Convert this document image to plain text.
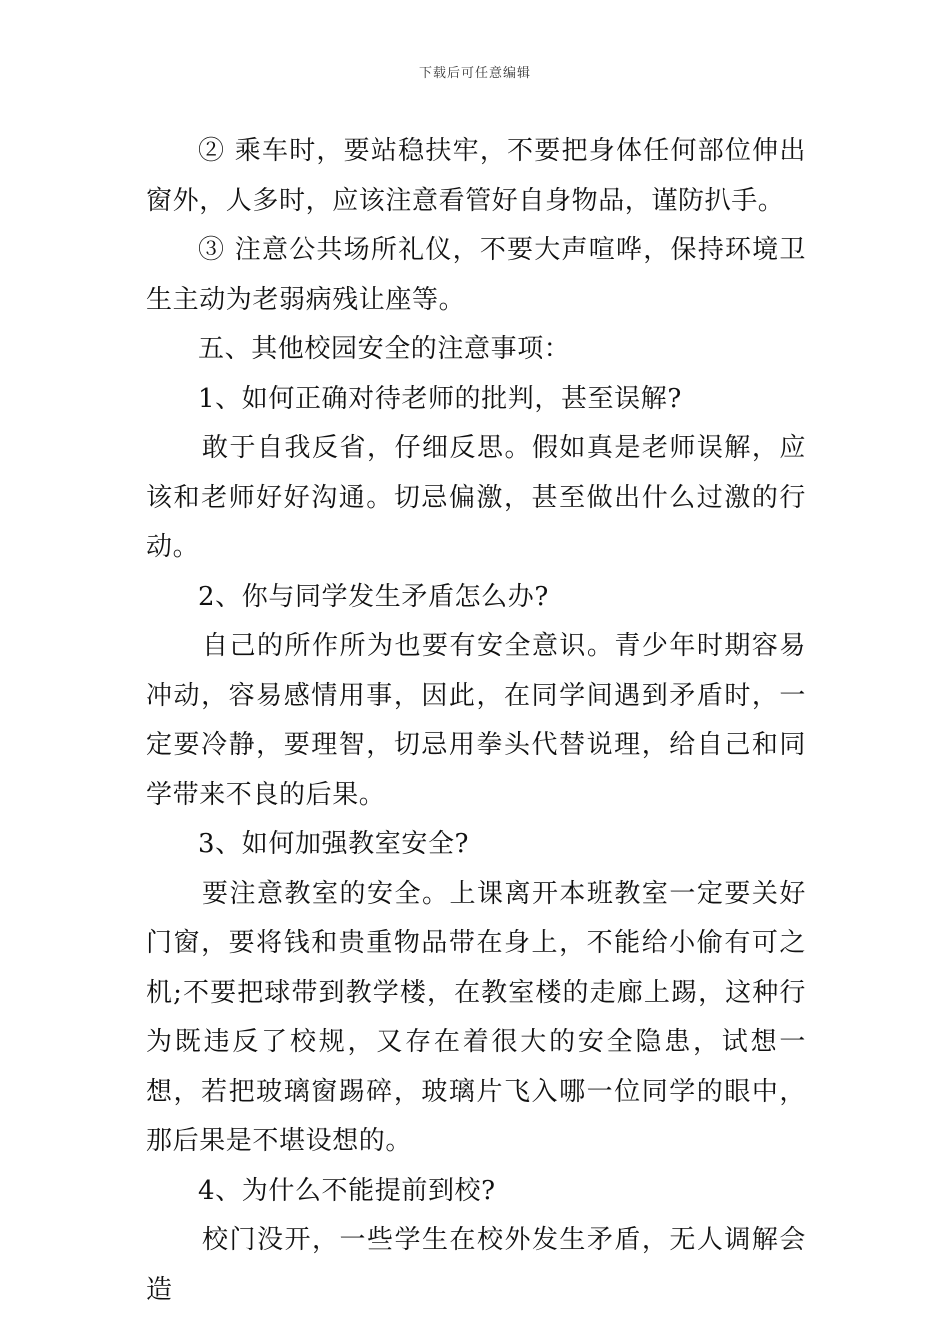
下载后可任意编辑

② 乘车时，要站稳扶牢，不要把身体任何部位伸出窗外，人多时，应该注意看管好自身物品，谨防扒手。

③ 注意公共场所礼仪，不要大声喧哗，保持环境卫生主动为老弱病残让座等。

五、其他校园安全的注意事项：

1、如何正确对待老师的批判，甚至误解?

敢于自我反省，仔细反思。假如真是老师误解，应该和老师好好沟通。切忌偏激，甚至做出什么过激的行动。

2、你与同学发生矛盾怎么办?

自己的所作所为也要有安全意识。青少年时期容易冲动，容易感情用事，因此，在同学间遇到矛盾时，一定要冷静，要理智，切忌用拳头代替说理，给自己和同学带来不良的后果。

3、如何加强教室安全?

要注意教室的安全。上课离开本班教室一定要关好门窗，要将钱和贵重物品带在身上，不能给小偷有可之机;不要把球带到教学楼，在教室楼的走廊上踢，这种行为既违反了校规，又存在着很大的安全隐患，试想一想，若把玻璃窗踢碎，玻璃片飞入哪一位同学的眼中，那后果是不堪设想的。

4、为什么不能提前到校?

校门没开，一些学生在校外发生矛盾，无人调解会造
